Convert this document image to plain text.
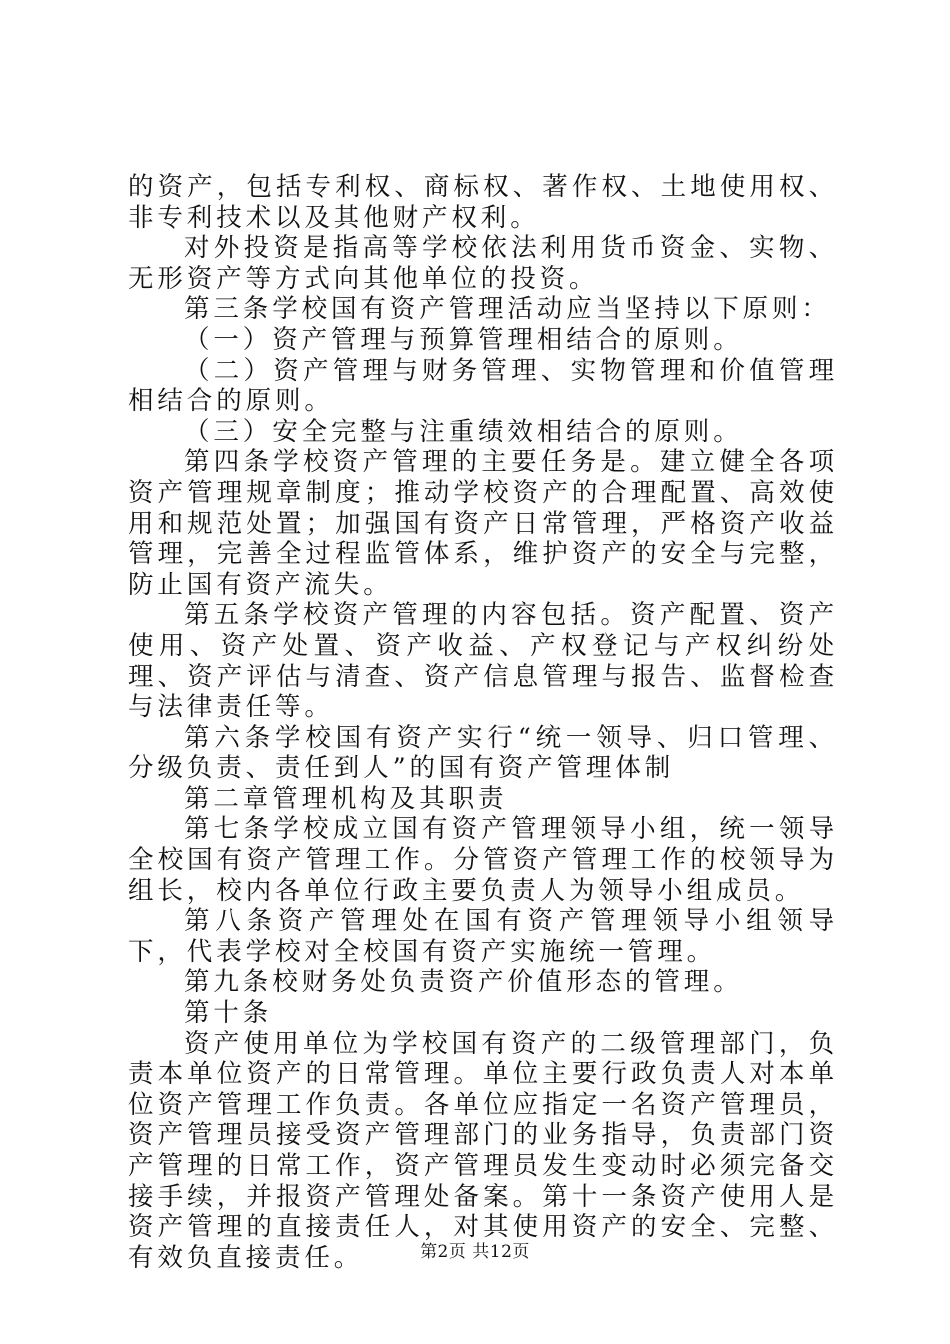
的资产，包括专利权、商标权、著作权、土地使用权、非专利技术以及其他财产权利。

对外投资是指高等学校依法利用货币资金、实物、无形资产等方式向其他单位的投资。

第三条学校国有资产管理活动应当坚持以下原则：

（一）资产管理与预算管理相结合的原则。

（二）资产管理与财务管理、实物管理和价值管理相结合的原则。

（三）安全完整与注重绩效相结合的原则。

第四条学校资产管理的主要任务是。建立健全各项资产管理规章制度；推动学校资产的合理配置、高效使用和规范处置；加强国有资产日常管理，严格资产收益管理，完善全过程监管体系，维护资产的安全与完整，防止国有资产流失。

第五条学校资产管理的内容包括。资产配置、资产使用、资产处置、资产收益、产权登记与产权纠纷处理、资产评估与清查、资产信息管理与报告、监督检查与法律责任等。

第六条学校国有资产实行“统一领导、归口管理、分级负责、责任到人”的国有资产管理体制

第二章管理机构及其职责

第七条学校成立国有资产管理领导小组，统一领导全校国有资产管理工作。分管资产管理工作的校领导为组长，校内各单位行政主要负责人为领导小组成员。

第八条资产管理处在国有资产管理领导小组领导下，代表学校对全校国有资产实施统一管理。

第九条校财务处负责资产价值形态的管理。

第十条

资产使用单位为学校国有资产的二级管理部门，负责本单位资产的日常管理。单位主要行政负责人对本单位资产管理工作负责。各单位应指定一名资产管理员，资产管理员接受资产管理部门的业务指导，负责部门资产管理的日常工作，资产管理员发生变动时必须完备交接手续，并报资产管理处备案。第十一条资产使用人是资产管理的直接责任人，对其使用资产的安全、完整、有效负直接责任。	第2页 共12页
